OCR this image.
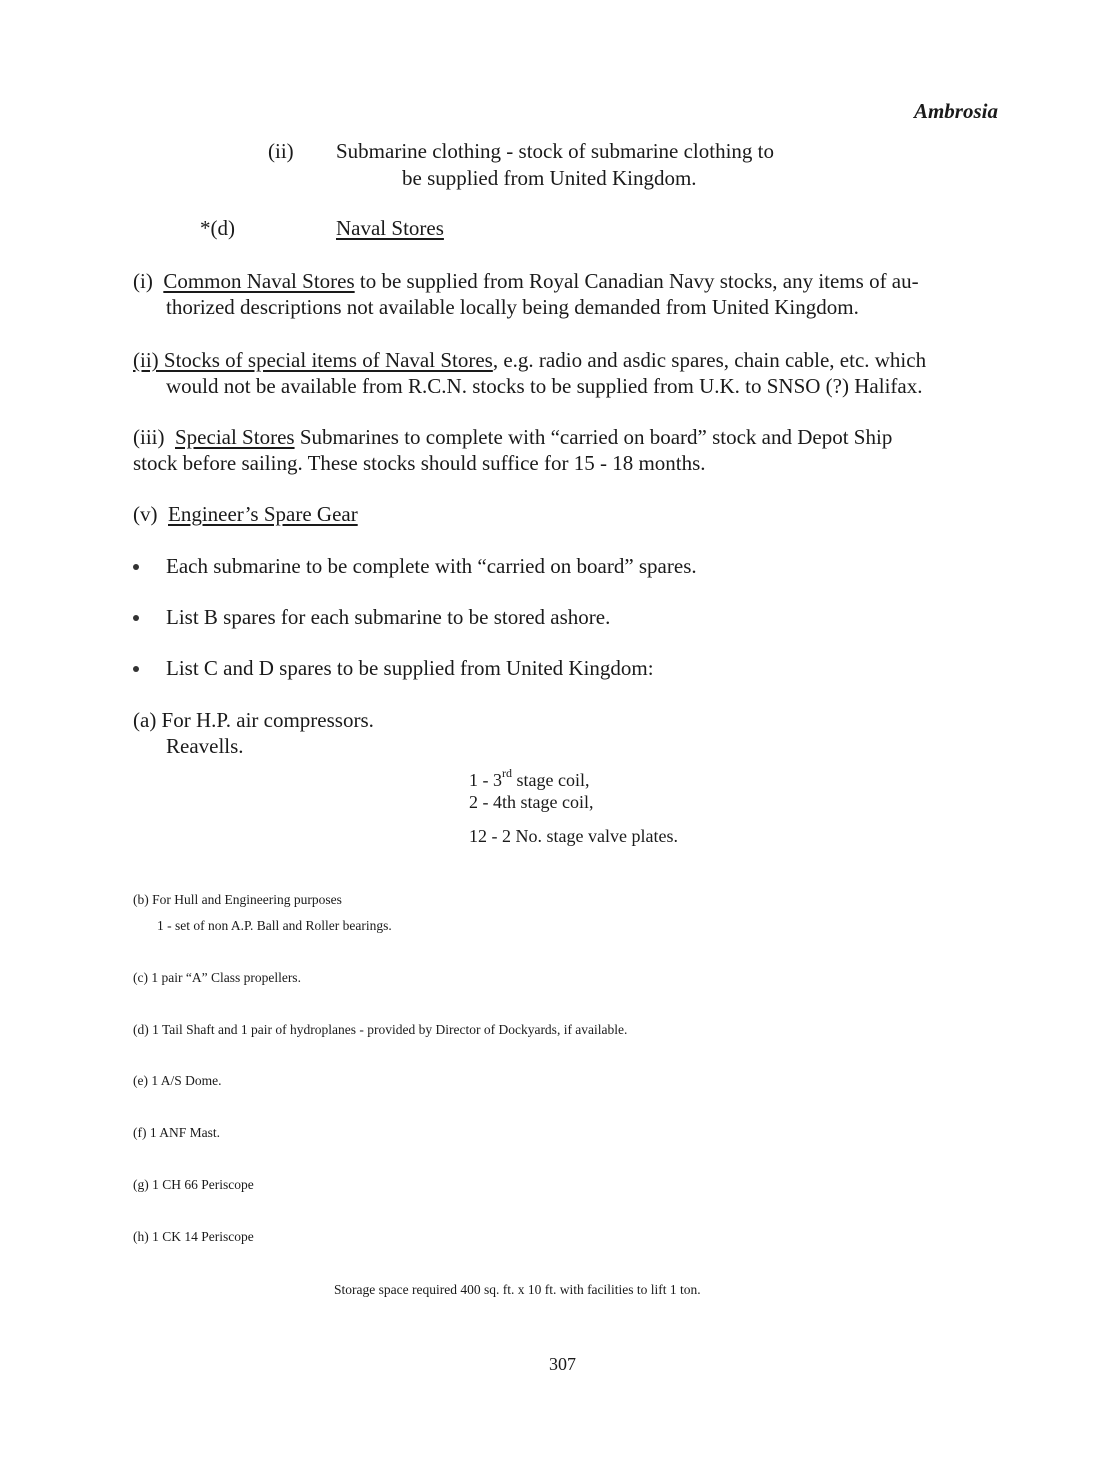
Ambrosia
(ii) Submarine clothing - stock of submarine clothing to
be supplied from United Kingdom.
*(d)	Naval Stores
(i) Common Naval Stores to be supplied from Royal Canadian Navy stocks, any items of au-
thorized descriptions not available locally being demanded from United Kingdom.
(ii) Stocks of special items of Naval Stores, e.g. radio and asdic spares, chain cable, etc. which
would not be available from R.C.N. stocks to be supplied from U.K. to SNSO (?) Halifax.
(iii) Special Stores Submarines to complete with “carried on board” stock and Depot Ship
stock before sailing. These stocks should suffice for 15 - 18 months.
(v) Engineer’s Spare Gear
Each submarine to be complete with “carried on board” spares.
List B spares for each submarine to be stored ashore.
List C and D spares to be supplied from United Kingdom:
(a) For H.P. air compressors.
Reavells.
1 - 3rd stage coil,
2 - 4th stage coil,
12 - 2 No. stage valve plates.
(b) For Hull and Engineering purposes
1 - set of non A.P. Ball and Roller bearings.
(c) 1 pair “A” Class propellers.
(d) 1 Tail Shaft and 1 pair of hydroplanes - provided by Director of Dockyards, if available.
(e) 1 A/S Dome.
(f) 1 ANF Mast.
(g) 1 CH 66 Periscope
(h) 1 CK 14 Periscope
Storage space required 400 sq. ft. x 10 ft. with facilities to lift 1 ton.
307
